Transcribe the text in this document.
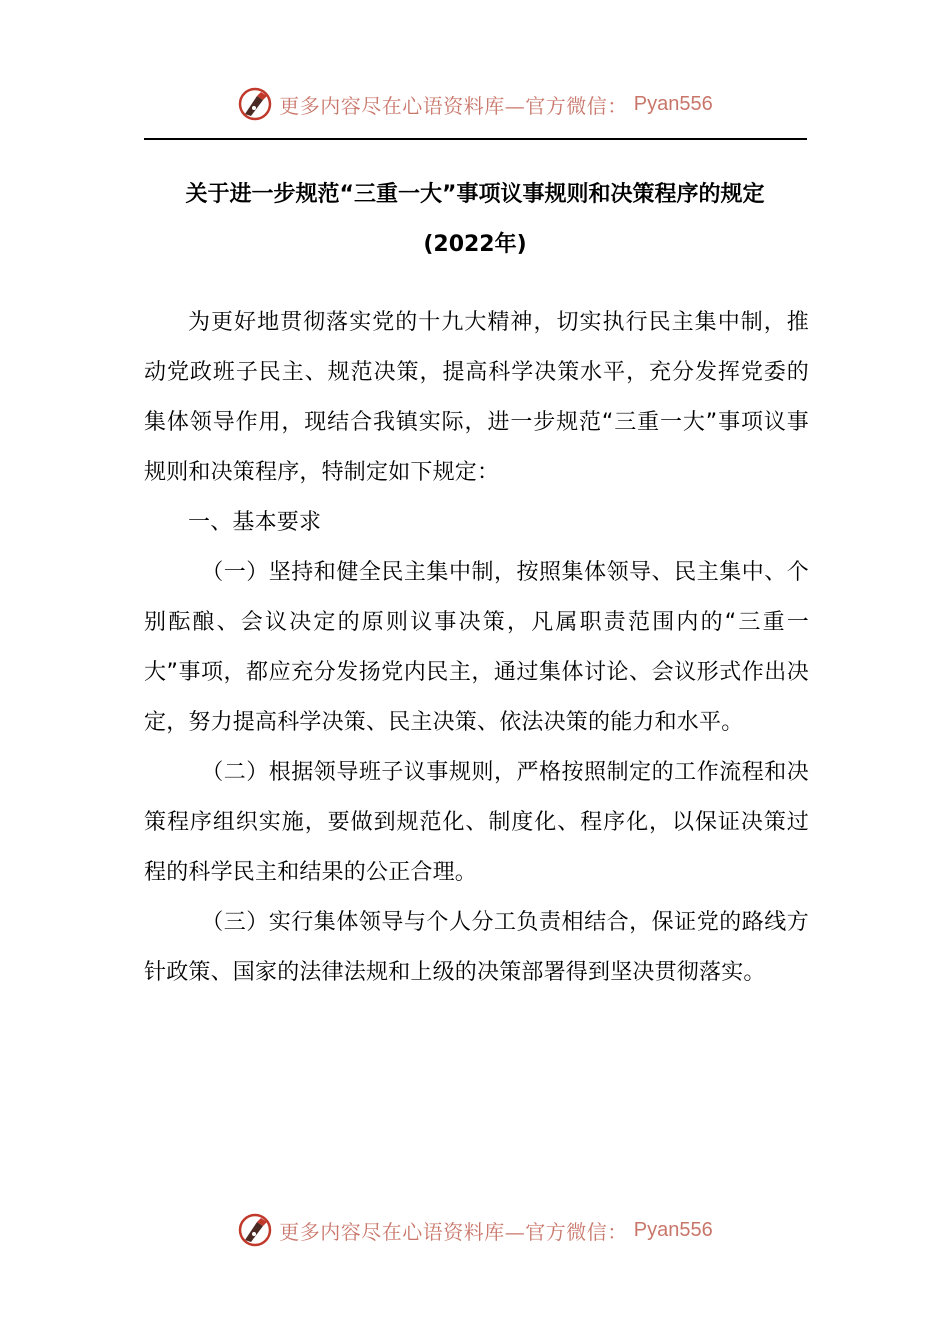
更多内容尽在心语资料库—官方微信： Pyan556
关于进一步规范“三重一大”事项议事规则和决策程序的规定
(2022年)

为更好地贯彻落实党的十九大精神，切实执行民主集中制，推动党政班子民主、规范决策，提高科学决策水平，充分发挥党委的集体领导作用，现结合我镇实际，进一步规范“三重一大”事项议事规则和决策程序，特制定如下规定：

一、基本要求

（一）坚持和健全民主集中制，按照集体领导、民主集中、个别酝酿、会议决定的原则议事决策，凡属职责范围内的“三重一大”事项，都应充分发扬党内民主，通过集体讨论、会议形式作出决定，努力提高科学决策、民主决策、依法决策的能力和水平。

（二）根据领导班子议事规则，严格按照制定的工作流程和决策程序组织实施，要做到规范化、制度化、程序化，以保证决策过程的科学民主和结果的公正合理。

（三）实行集体领导与个人分工负责相结合，保证党的路线方针政策、国家的法律法规和上级的决策部署得到坚决贯彻落实。

更多内容尽在心语资料库—官方微信： Pyan556
